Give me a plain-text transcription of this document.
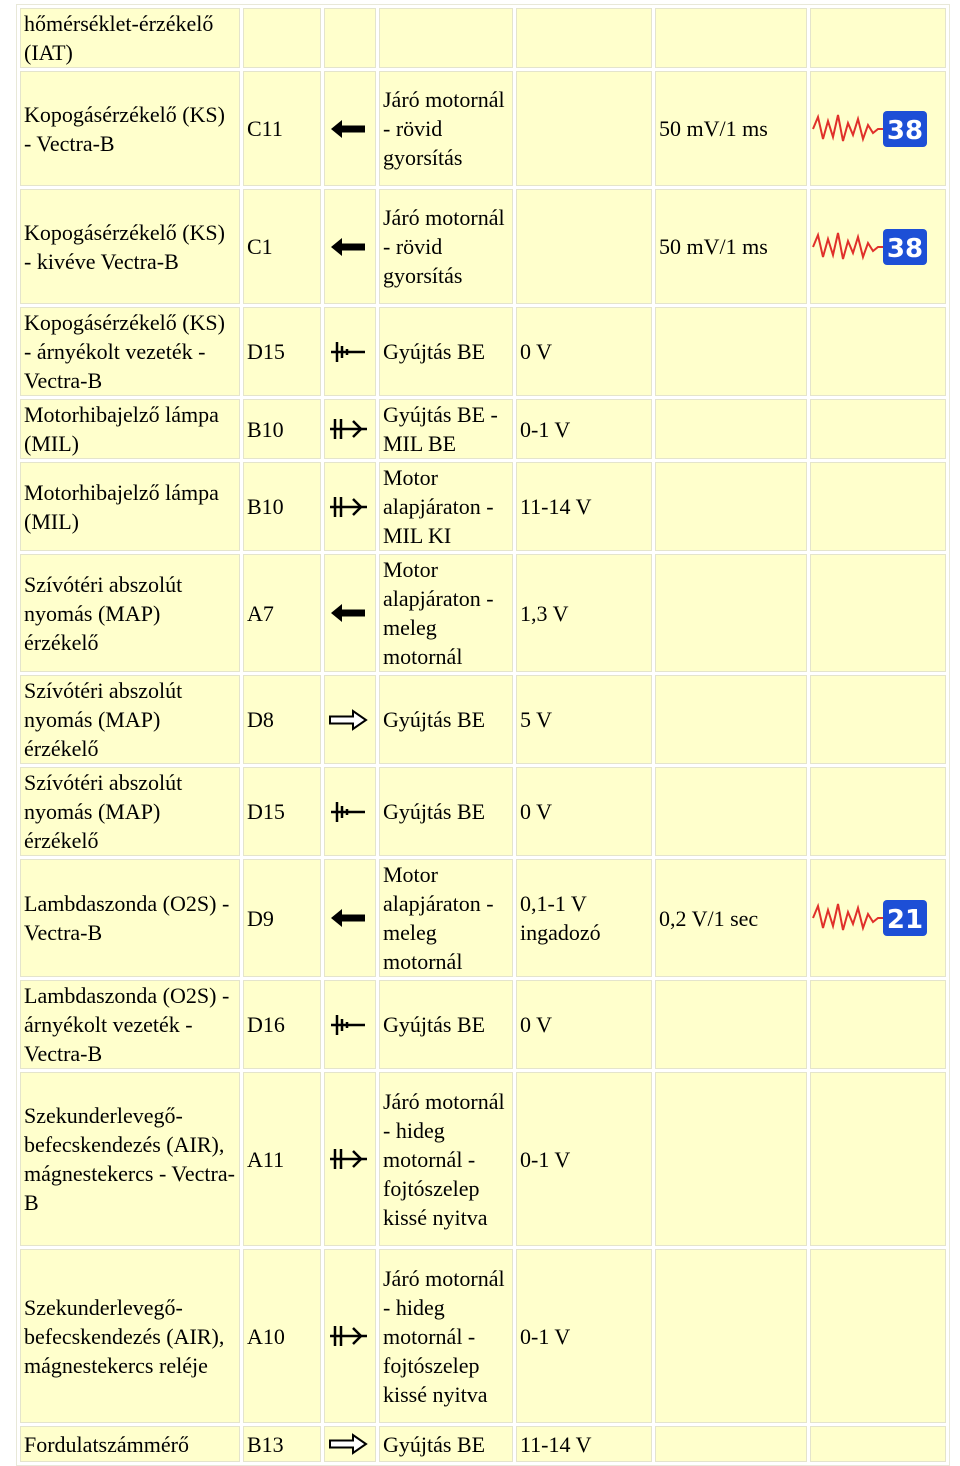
hőmérséklet-érzékelő (IAT)						
Kopogásérzékelő (KS) - Vectra-B	C11		Járó motornál - rövid gyorsítás		50 mV/1 ms	38

Kopogásérzékelő (KS) - kivéve Vectra-B	C1		Járó motornál - rövid gyorsítás		50 mV/1 ms	38

Kopogásérzékelő (KS) - árnyékolt vezeték - Vectra-B	D15		Gyújtás BE	0 V		
Motorhibajelző lámpa (MIL)	B10		Gyújtás BE - MIL BE	0-1 V		
Motorhibajelző lámpa (MIL)	B10		Motor alapjáraton - MIL KI	11-14 V		
Szívótéri abszolút nyomás (MAP) érzékelő	A7		Motor alapjáraton - meleg motornál	1,3 V		
Szívótéri abszolút nyomás (MAP) érzékelő	D8		Gyújtás BE	5 V		
Szívótéri abszolút nyomás (MAP) érzékelő	D15		Gyújtás BE	0 V		
Lambdaszonda (O2S) - Vectra-B	D9		Motor alapjáraton - meleg motornál	0,1-1 V ingadozó	0,2 V/1 sec	21

Lambdaszonda (O2S) - árnyékolt vezeték - Vectra-B	D16		Gyújtás BE	0 V		
Szekunderlevegő-befecskendezés (AIR), mágnestekercs - Vectra-B	A11		Járó motornál - hideg motornál - fojtószelep kissé nyitva	0-1 V		
Szekunderlevegő-befecskendezés (AIR), mágnestekercs reléje	A10		Járó motornál - hideg motornál - fojtószelep kissé nyitva	0-1 V		
Fordulatszámmérő	B13		Gyújtás BE	11-14 V		
